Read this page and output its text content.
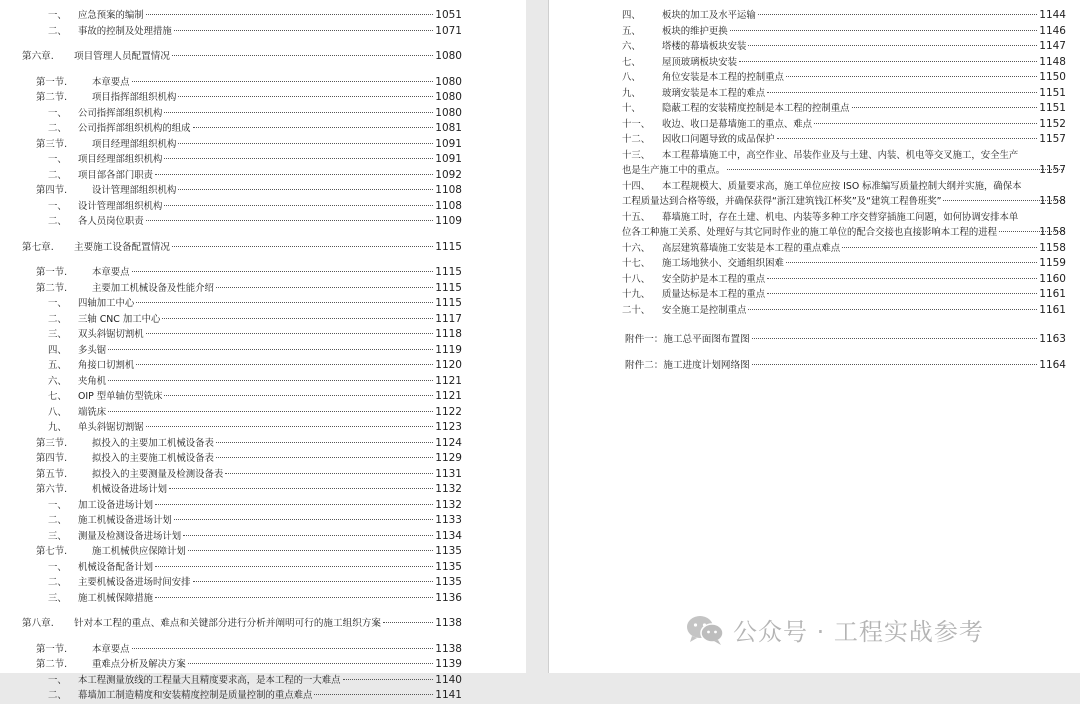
一、	应急预案的编制	1051
二、	事故的控制及处理措施	1071
第六章.	项目管理人员配置情况	1080
第一节.	本章要点	1080
第二节.	项目指挥部组织机构	1080
一、	公司指挥部组织机构	1080
二、	公司指挥部组织机构的组成	1081
第三节.	项目经理部组织机构	1091
一、	项目经理部组织机构	1091
二、	项目部各部门职责	1092
第四节.	设计管理部组织机构	1108
一、	设计管理部组织机构	1108
二、	各人员岗位职责	1109
第七章.	主要施工设备配置情况	1115
第一节.	本章要点	1115
第二节.	主要加工机械设备及性能介绍	1115
一、	四轴加工中心	1115
二、	三轴 CNC 加工中心	1117
三、	双头斜锯切割机	1118
四、	多头锯	1119
五、	角接口切割机	1120
六、	夹角机	1121
七、	OIP 型单轴仿型铣床	1121
八、	端铣床	1122
九、	单头斜锯切割锯	1123
第三节.	拟投入的主要加工机械设备表	1124
第四节.	拟投入的主要施工机械设备表	1129
第五节.	拟投入的主要测量及检测设备表	1131
第六节.	机械设备进场计划	1132
一、	加工设备进场计划	1132
二、	施工机械设备进场计划	1133
三、	测量及检测设备进场计划	1134
第七节.	施工机械供应保障计划	1135
一、	机械设备配备计划	1135
二、	主要机械设备进场时间安排	1135
三、	施工机械保障措施	1136
第八章.	针对本工程的重点、难点和关键部分进行分析并阐明可行的施工组织方案	1138
第一节.	本章要点	1138
第二节.	重难点分析及解决方案	1139
一、	本工程测量放线的工程量大且精度要求高，是本工程的一大难点	1140
二、	幕墙加工制造精度和安装精度控制是质量控制的重点难点	1141
四、	板块的加工及水平运输	1144
五、	板块的维护更换	1146
六、	塔楼的幕墙板块安装	1147
七、	屋顶玻璃板块安装	1148
八、	角位安装是本工程的控制重点	1150
九、	玻璃安装是本工程的难点	1151
十、	隐蔽工程的安装精度控制是本工程的控制重点	1151
十一、	收边、收口是幕墙施工的重点、难点	1152
十二、	因收口问题导致的成品保护	1157
十三、	本工程幕墙施工中，高空作业、吊装作业及与土建、内装、机电等交叉施工，安全生产
也是生产施工中的重点。	1157
十四、	本工程规模大、质量要求高，施工单位应按 ISO 标准编写质量控制大纲并实施，确保本
工程质量达到合格等级，并确保获得“浙江建筑钱江杯奖”及“建筑工程鲁班奖”	1158
十五、	幕墙施工时，存在土建、机电、内装等多种工序交替穿插施工问题，如何协调安排本单
位各工种施工关系、处理好与其它同时作业的施工单位的配合交接也直接影响本工程的进程	1158
十六、	高层建筑幕墙施工安装是本工程的重点难点	1158
十七、	施工场地狭小、交通组织困难	1159
十八、	安全防护是本工程的重点	1160
十九、	质量达标是本工程的重点	1161
二十、	安全施工是控制重点	1161
附件一：施工总平面图布置图	1163
附件二：施工进度计划网络图	1164
公众号 · 工程实战参考
